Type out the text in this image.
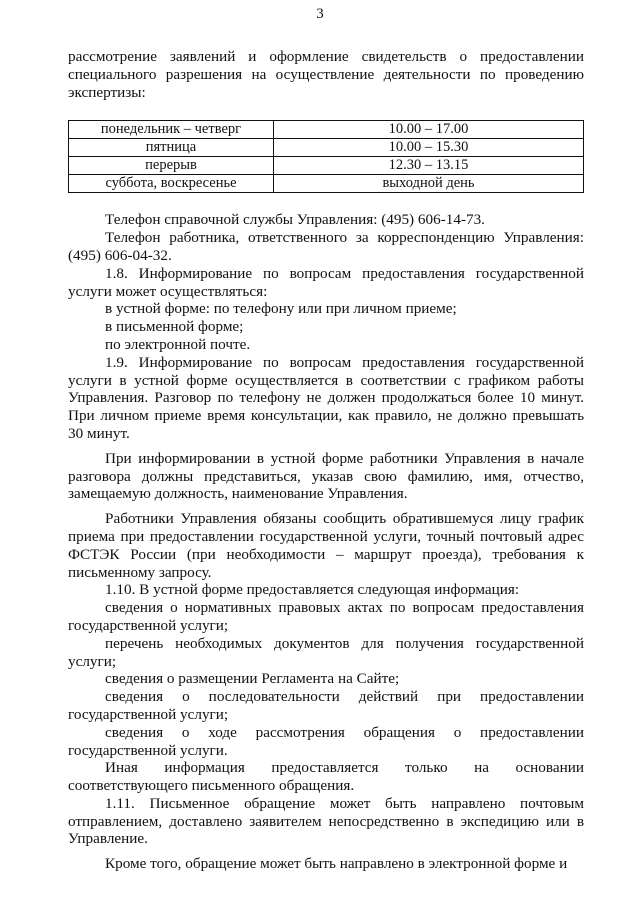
3

рассмотрение заявлений и оформление свидетельств о предоставлении специального разрешения на осуществление деятельности по проведению экспертизы:

понедельник – четверг	10.00 – 17.00
пятница	10.00 – 15.30
перерыв	12.30 – 13.15
суббота, воскресенье	выходной день

Телефон справочной службы Управления: (495) 606-14-73.

Телефон работника, ответственного за корреспонденцию Управления: (495) 606-04-32.

1.8. Информирование по вопросам предоставления государственной услуги может осуществляться:

в устной форме: по телефону или при личном приеме;

в письменной форме;

по электронной почте.

1.9. Информирование по вопросам предоставления государственной услуги в устной форме осуществляется в соответствии с графиком работы Управления. Разговор по телефону не должен продолжаться более 10 минут. При личном приеме время консультации, как правило, не должно превышать 30 минут.

При информировании в устной форме работники Управления в начале разговора должны представиться, указав свою фамилию, имя, отчество, замещаемую должность, наименование Управления.

Работники Управления обязаны сообщить обратившемуся лицу график приема при предоставлении государственной услуги, точный почтовый адрес ФСТЭК России (при необходимости – маршрут проезда), требования к письменному запросу.

1.10. В устной форме предоставляется следующая информация:

сведения о нормативных правовых актах по вопросам предоставления государственной услуги;

перечень необходимых документов для получения государственной услуги;

сведения о размещении Регламента на Сайте;

сведения о последовательности действий при предоставлении государственной услуги;

сведения о ходе рассмотрения обращения о предоставлении государственной услуги.

Иная информация предоставляется только на основании соответствующего письменного обращения.

1.11. Письменное обращение может быть направлено почтовым отправлением, доставлено заявителем непосредственно в экспедицию или в Управление.

Кроме того, обращение может быть направлено в электронной форме и
